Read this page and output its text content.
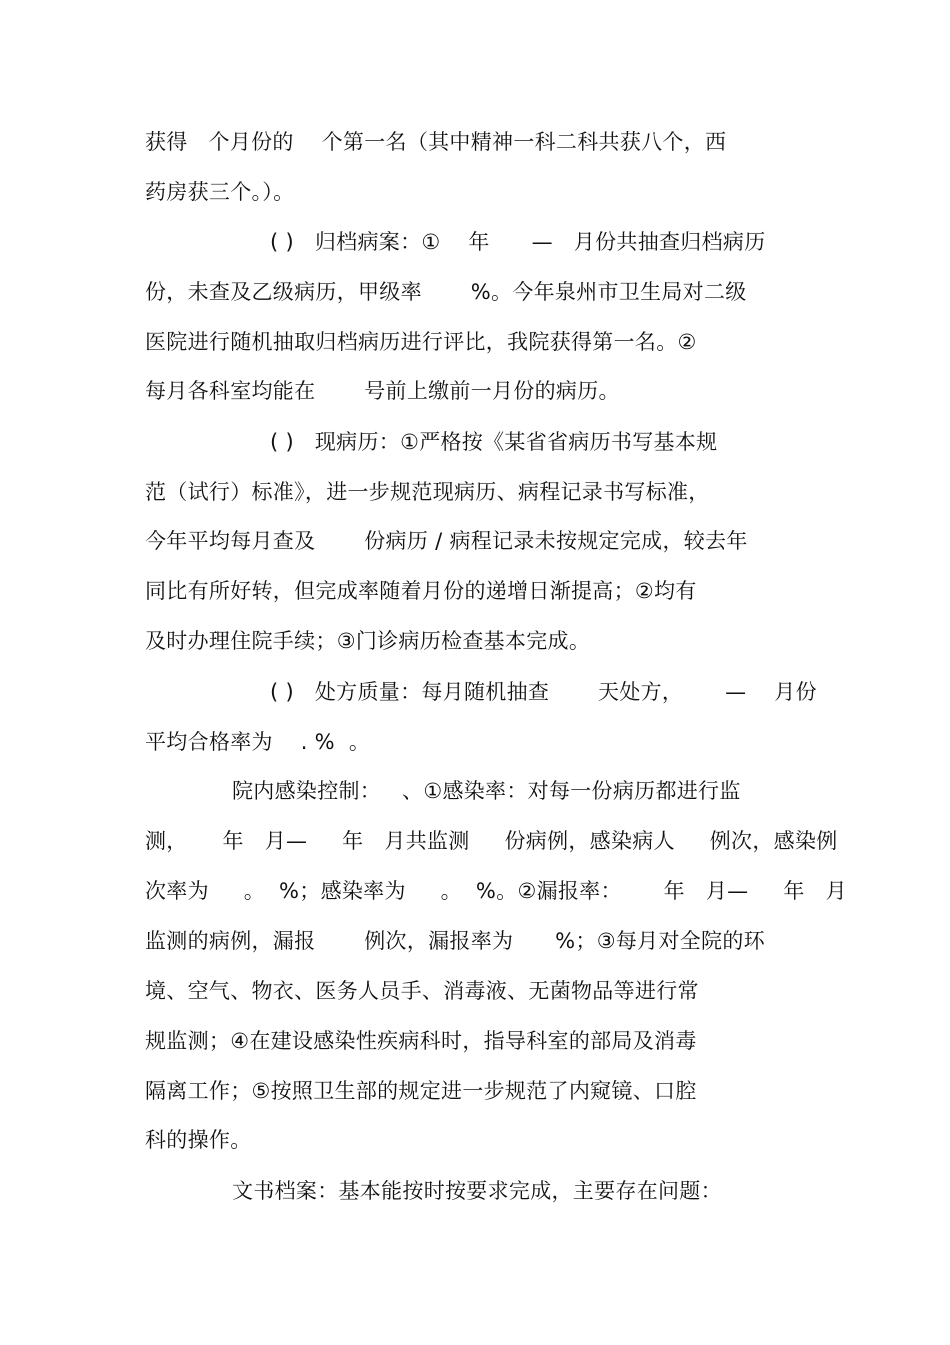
获得   个月份的    个第一名（其中精神一科二科共获八个，西
药房获三个。）。
( )   归档病案：①    年      —   月份共抽查归档病历
份，未查及乙级病历，甲级率       %。今年泉州市卫生局对二级
医院进行随机抽取归档病历进行评比，我院获得第一名。②
每月各科室均能在       号前上缴前一月份的病历。
( )   现病历：①严格按《某省省病历书写基本规
范（试行）标准》，进一步规范现病历、病程记录书写标准，
今年平均每月查及       份病历 / 病程记录未按规定完成，较去年
同比有所好转，但完成率随着月份的递增日渐提高；②均有
及时办理住院手续；③门诊病历检查基本完成。
( )   处方质量：每月随机抽查       天处方，      —    月份
平均合格率为    . %  。
院内感染控制：   、①感染率：对每一份病历都进行监
测，     年   月—     年   月共监测     份病例，感染病人     例次，感染例
次率为     。  %；感染率为     。  %。②漏报率：      年   月—     年   月
监测的病例，漏报       例次，漏报率为      %；③每月对全院的环
境、空气、物衣、医务人员手、消毒液、无菌物品等进行常
规监测；④在建设感染性疾病科时，指导科室的部局及消毒
隔离工作；⑤按照卫生部的规定进一步规范了内窥镜、口腔
科的操作。
文书档案：基本能按时按要求完成，主要存在问题：
